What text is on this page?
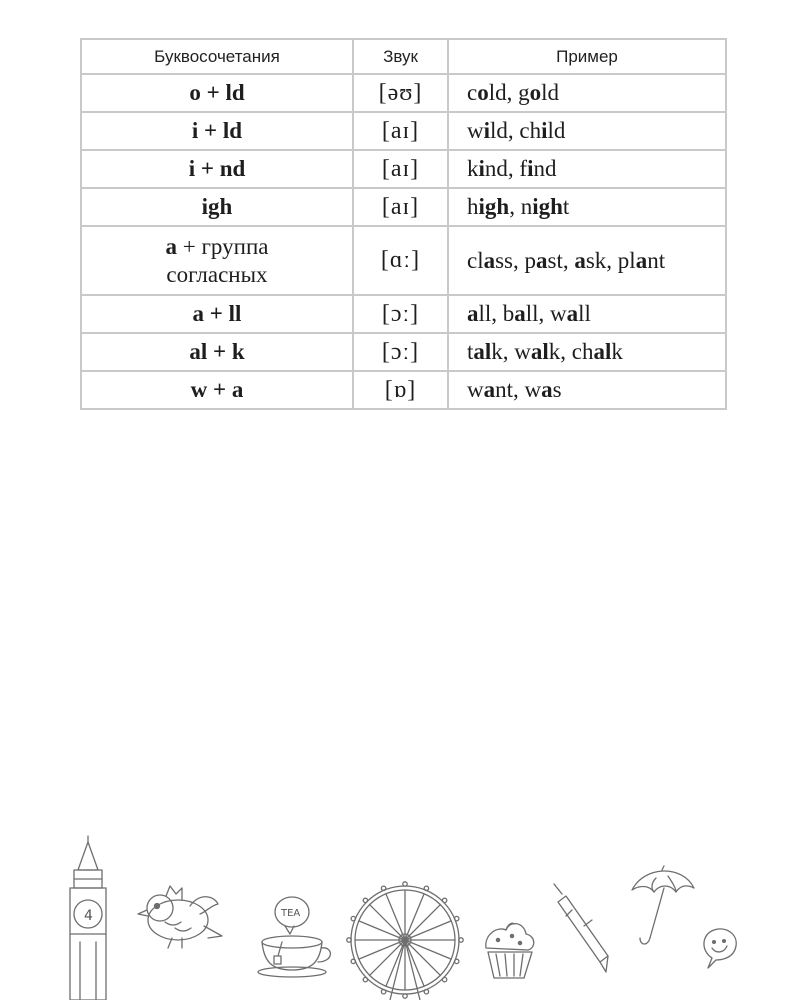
Буквосочетания	Звук	Пример
o + ld	[əʊ]	cold, gold
i + ld	[aɪ]	wild, child
i + nd	[aɪ]	kind, find
igh	[aɪ]	high, night
a + группа
согласных	[ɑː]	class, past, ask, plant
a + ll	[ɔː]	all, ball, wall
al + k	[ɔː]	talk, walk, chalk
w + a	[ɒ]	want, was
4	TEA
